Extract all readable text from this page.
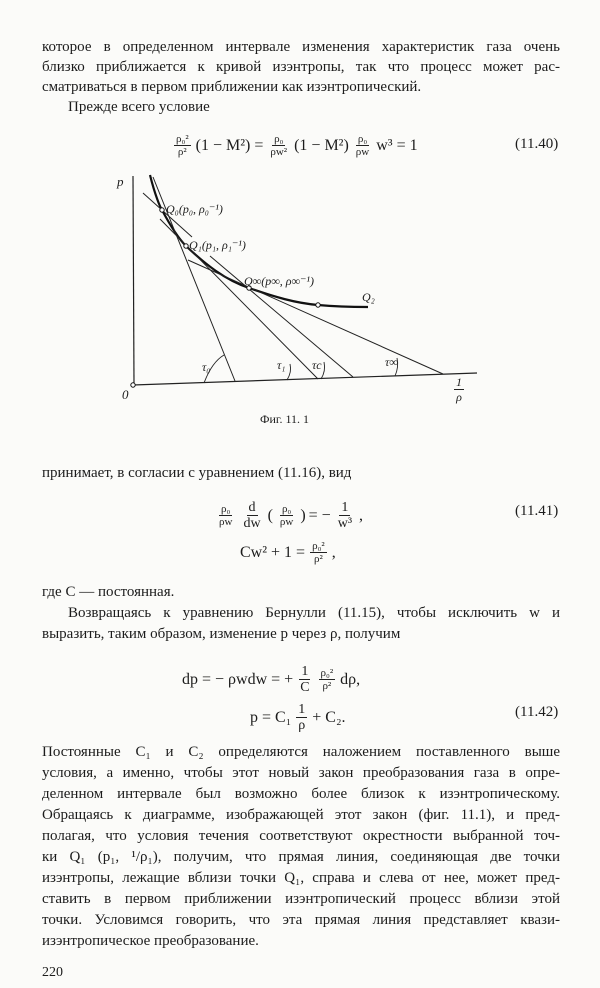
которое в определенном интервале изменения характеристик газа очень
близко приближается к кривой изэнтропы, так что процесс может рас-
сматриваться в первом приближении как изэнтропический.
Прежде всего условие
$\frac{\text{ρ₀²}}{\text{ρ²}} (1 - M^2) = \frac{\text{ρ₀}}{\text{ρw²}} (1 - M^2) \frac{\text{ρ₀}}{\rho w} w^3 = 1$	(11.40)
p
0	$\frac{1}{\rho}$
Q₀(p₀, ρ₀⁻¹)
Q₁(p₁, ρ₁⁻¹)
Q∞(p∞, ρ∞⁻¹)
Q₂
τ₀	τ₁ τc	τ∞
Фиг. 11. 1
принимает, в согласии с уравнением (11.16), вид
$\frac{\text{ρ₀}}{\rho w} \frac{d}{dw}$ ( $\frac{\text{ρ₀}}{\rho w}$ ) = − $\frac{1}{\text{w³}}$ ,	(11.41)
$Cw^2 + 1 = \frac{\text{ρ₀²}}{\text{ρ²}}$ ,
где C — постоянная.
Возвращаясь к уравнению Бернулли (11.15), чтобы исключить w и
выразить, таким образом, изменение p через ρ, получим
dp = − ρwdw = + $\frac{1}{C} \frac{\text{ρ₀²}}{\text{ρ²}} d\rho$,
$p = C_1 \frac{1}{\rho} + C_2$.	(11.42)
Постоянные C₁ и C₂ определяются наложением поставленного выше
условия, а именно, чтобы этот новый закон преобразования газа в опре-
деленном интервале был возможно более близок к изэнтропическому.
Обращаясь к диаграмме, изображающей этот закон (фиг. 11.1), и пред-
полагая, что условия течения соответствуют окрестности выбранной точ-
ки Q₁ (p₁, ¹/ρ₁), получим, что прямая линия, соединяющая две точки
изэнтропы, лежащие вблизи точки Q₁, справа и слева от нее, может пред-
ставить в первом приближении изэнтропический процесс вблизи этой
точки. Условимся говорить, что эта прямая линия представляет квази-
изэнтропическое преобразование.
220
